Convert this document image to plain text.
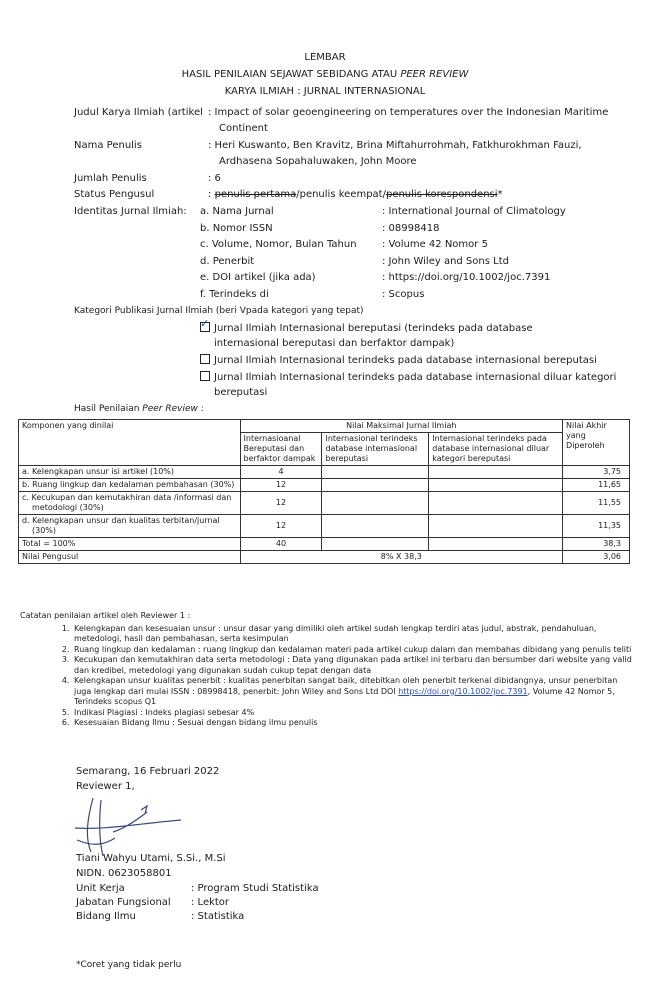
LEMBAR
HASIL PENILAIAN SEJAWAT SEBIDANG ATAU PEER REVIEW
KARYA ILMIAH : JURNAL INTERNASIONAL
Judul Karya Ilmiah (artikel : Impact of solar geoengineering on temperatures over the Indonesian Maritime
Continent
Nama Penulis	: Heri Kuswanto, Ben Kravitz, Brina Miftahurrohmah, Fatkhurokhman Fauzi,
Ardhasena Sopahaluwaken, John Moore
Jumlah Penulis	: 6
Status Pengusul	: penulis pertama/penulis keempat/penulis korespondensi*
Identitas Jurnal Ilmiah: a. Nama Jurnal	: International Journal of Climatology
b. Nomor ISSN	: 08998418
c. Volume, Nomor, Bulan Tahun	: Volume 42 Nomor 5
d. Penerbit	: John Wiley and Sons Ltd
e. DOI artikel (jika ada)	: https://doi.org/10.1002/joc.7391
f. Terindeks di	: Scopus
Kategori Publikasi Jurnal Ilmiah (beri Vpada kategori yang tepat)
✓Jurnal Ilmiah Internasional bereputasi (terindeks pada database
internasional bereputasi dan berfaktor dampak)
Jurnal Ilmiah Internasional terindeks pada database internasional bereputasi
Jurnal Ilmiah Internasional terindeks pada database internasional diluar kategori
bereputasi
Hasil Penilaian Peer Review :
Komponen yang dinilai	Nilai Maksimal Jurnal Ilmiah			Nilai Akhir yang Diperoleh
	Internasioanal Bereputasi dan berfaktor dampak	Internasional terindeks database internasional bereputasi	Internasional terindeks pada database internasional diluar kategori bereputasi	
a. Kelengkapan unsur isi artikel (10%)	4			3,75
b. Ruang lingkup dan kedalaman pembahasan (30%)	12			11,65
c. Kecukupan dan kemutakhiran data /informasi dan metodologi (30%)	12			11,55
d. Kelengkapan unsur dan kualitas terbitan/jurnal (30%)	12			11,35
Total = 100%	40			38,3
Nilai Pengusul	8% X 38,3			3,06
Catatan penilaian artikel oleh Reviewer 1 :
1. Kelengkapan dan kesesuaian unsur : unsur dasar yang dimiliki oleh artikel sudah lengkap terdiri atas judul, abstrak, pendahuluan, metedologi, hasil dan pembahasan, serta kesimpulan
2. Ruang lingkup dan kedalaman : ruang lingkup dan kedalaman materi pada artikel cukup dalam dan membahas dibidang yang penulis teliti
3. Kecukupan dan kemutakhiran data serta metodologi : Data yang digunakan pada artikel ini terbaru dan bersumber dari website yang valid dan kredibel, metedologi yang digunakan sudah cukup tepat dengan data
4. Kelengkapan unsur kualitas penerbit : kualitas penerbitan sangat baik, ditebitkan oleh penerbit terkenal dibidangnya, unsur penerbitan juga lengkap dari mulai ISSN : 08998418, penerbit: John Wiley and Sons Ltd DOI https://doi.org/10.1002/joc.7391, Volume 42 Nomor 5, Terindeks scopus Q1
5. Indikasi Plagiasi : Indeks plagiasi sebesar 4%
6. Kesesuaian Bidang Ilmu : Sesuai dengan bidang ilmu penulis
Semarang, 16 Februari 2022
Reviewer 1,
Tiani Wahyu Utami, S.Si., M.Si
NIDN. 0623058801
Unit Kerja	: Program Studi Statistika
Jabatan Fungsional : Lektor
Bidang Ilmu	: Statistika
*Coret yang tidak perlu
